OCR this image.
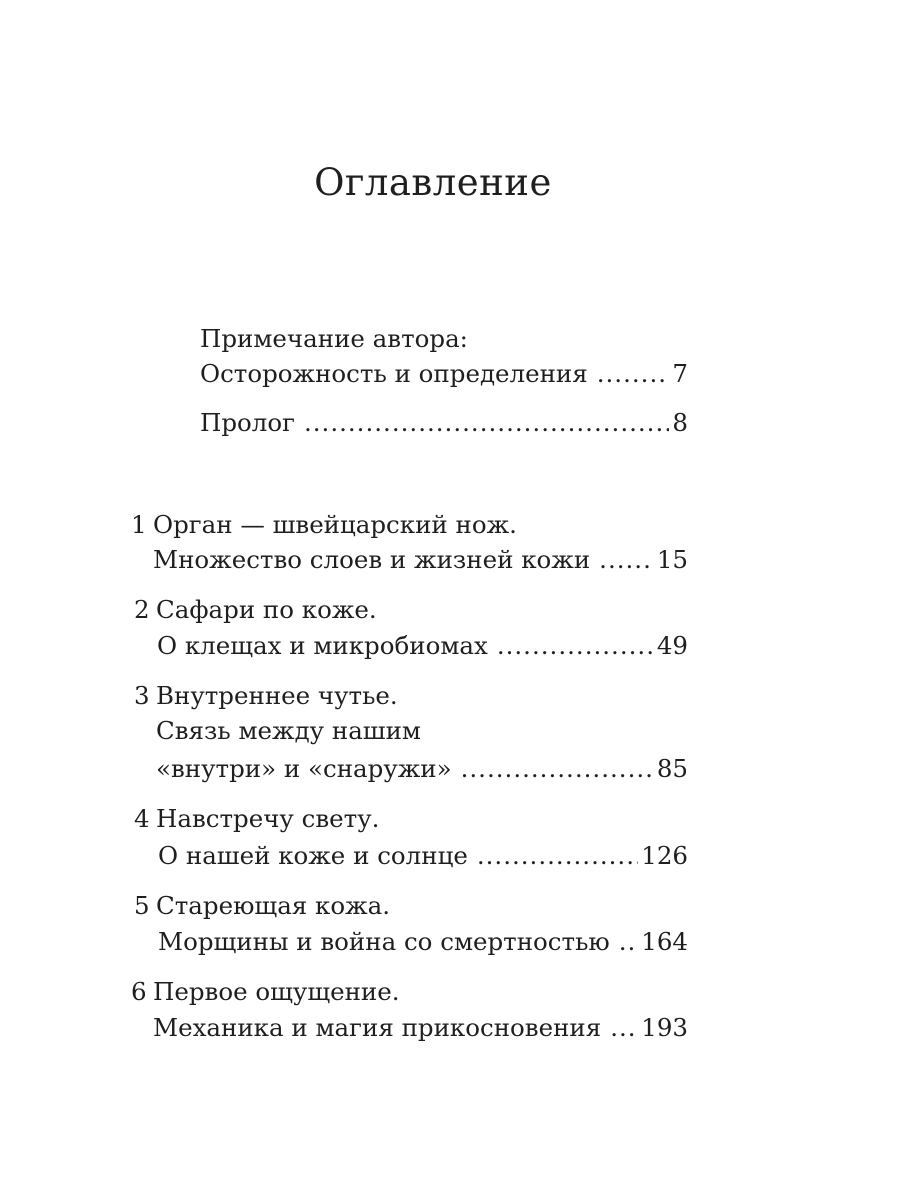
Оглавление
Примечание автора:
Осторожность и определения .....	7
Пролог .....	8
1 Орган — швейцарский нож.
Множество слоев и жизней кожи .....	15
2 Сафари по коже.
О клещах и микробиомах .....	49
3 Внутреннее чутье.
Связь между нашим
«внутри» и «снаружи» .....	85
4 Навстречу свету.
О нашей коже и солнце .....	126
5 Стареющая кожа.
Морщины и война со смертностью ..... 164
6 Первое ощущение.
Механика и магия прикосновения ..... 193
